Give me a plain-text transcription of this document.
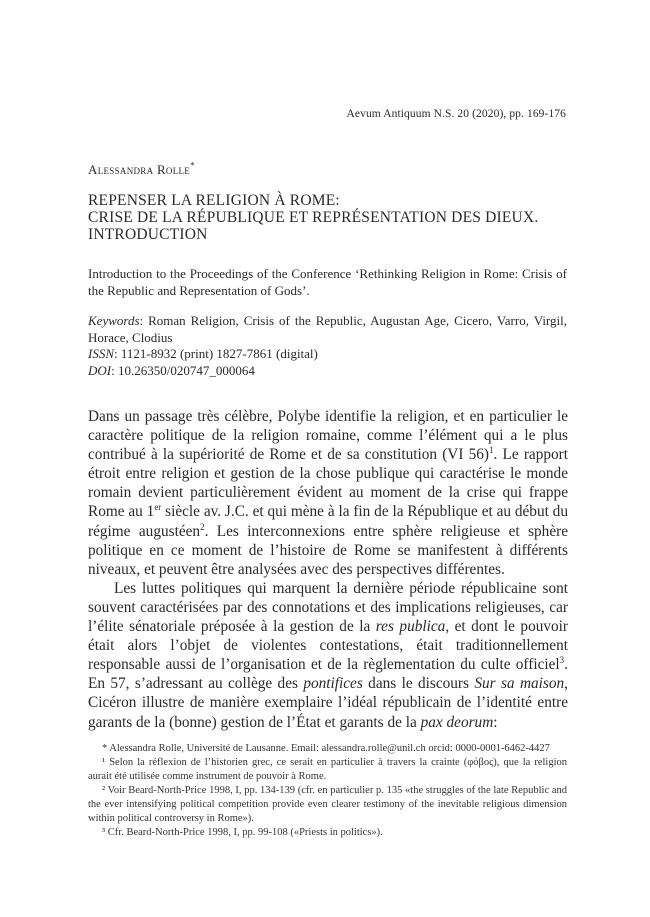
Aevum Antiquum N.S. 20 (2020), pp. 169-176
Alessandra Rolle*
REPENSER LA RELIGION À ROME:
CRISE DE LA RÉPUBLIQUE ET REPRÉSENTATION DES DIEUX.
INTRODUCTION
Introduction to the Proceedings of the Conference ‘Rethinking Religion in Rome: Crisis of the Republic and Representation of Gods’.
Keywords: Roman Religion, Crisis of the Republic, Augustan Age, Cicero, Varro, Virgil, Horace, Clodius
ISSN: 1121-8932 (print) 1827-7861 (digital)
DOI: 10.26350/020747_000064

Dans un passage très célèbre, Polybe identifie la religion, et en particulier le caractère politique de la religion romaine, comme l’élément qui a le plus contribué à la supériorité de Rome et de sa constitution (VI 56)$^1$. Le rapport étroit entre religion et gestion de la chose publique qui caractérise le monde romain devient particulièrement évident au moment de la crise qui frappe Rome au 1er siècle av. J.C. et qui mène à la fin de la République et au début du régime augustéen$^2$. Les interconnexions entre sphère religieuse et sphère politique en ce moment de l’histoire de Rome se manifestent à différents niveaux, et peuvent être analysées avec des perspectives différentes.

Les luttes politiques qui marquent la dernière période républicaine sont souvent caractérisées par des connotations et des implications religieuses, car l’élite sénatoriale préposée à la gestion de la res publica, et dont le pouvoir était alors l’objet de violentes contestations, était traditionnellement responsable aussi de l’organisation et de la règlementation du culte officiel$^3$. En 57, s’adressant au collège des pontifices dans le discours Sur sa maison, Cicéron illustre de manière exemplaire l’idéal républicain de l’identité entre garants de la (bonne) gestion de l’État et garants de la pax deorum:

* Alessandra Rolle, Université de Lausanne. Email: alessandra.rolle@unil.ch orcid: 0000-0001-6462-4427

¹ Selon la réflexion de l’historien grec, ce serait en particulier à travers la crainte (φόβος), que la religion aurait été utilisée comme instrument de pouvoir à Rome.

² Voir Beard-North-Price 1998, I, pp. 134-139 (cfr. en particulier p. 135 «the struggles of the late Republic and the ever intensifying political competition provide even clearer testimony of the inevitable religious dimension within political controversy in Rome»).

³ Cfr. Beard-North-Price 1998, I, pp. 99-108 («Priests in politics»).
